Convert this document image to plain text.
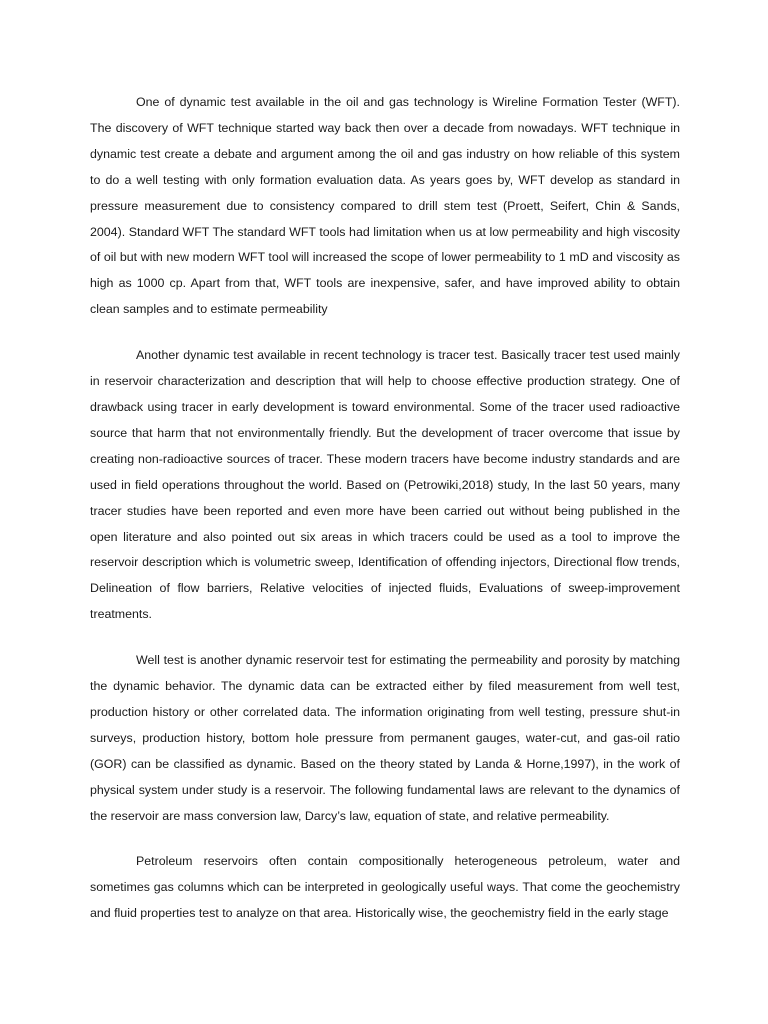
One of dynamic test available in the oil and gas technology is Wireline Formation Tester (WFT). The discovery of WFT technique started way back then over a decade from nowadays. WFT technique in dynamic test create a debate and argument among the oil and gas industry on how reliable of this system to do a well testing with only formation evaluation data. As years goes by, WFT develop as standard in pressure measurement due to consistency compared to drill stem test (Proett, Seifert, Chin & Sands, 2004). Standard WFT The standard WFT tools had limitation when us at low permeability and high viscosity of oil but with new modern WFT tool will increased the scope of lower permeability to 1 mD and viscosity as high as 1000 cp. Apart from that, WFT tools are inexpensive, safer, and have improved ability to obtain clean samples and to estimate permeability

Another dynamic test available in recent technology is tracer test. Basically tracer test used mainly in reservoir characterization and description that will help to choose effective production strategy. One of drawback using tracer in early development is toward environmental. Some of the tracer used radioactive source that harm that not environmentally friendly. But the development of tracer overcome that issue by creating non-radioactive sources of tracer. These modern tracers have become industry standards and are used in field operations throughout the world. Based on (Petrowiki,2018) study, In the last 50 years, many tracer studies have been reported and even more have been carried out without being published in the open literature and also pointed out six areas in which tracers could be used as a tool to improve the reservoir description which is volumetric sweep, Identification of offending injectors, Directional flow trends, Delineation of flow barriers, Relative velocities of injected fluids, Evaluations of sweep-improvement treatments.

Well test is another dynamic reservoir test for estimating the permeability and porosity by matching the dynamic behavior. The dynamic data can be extracted either by filed measurement from well test, production history or other correlated data. The information originating from well testing, pressure shut-in surveys, production history, bottom hole pressure from permanent gauges, water-cut, and gas-oil ratio (GOR) can be classified as dynamic. Based on the theory stated by Landa & Horne,1997), in the work of physical system under study is a reservoir. The following fundamental laws are relevant to the dynamics of the reservoir are mass conversion law, Darcy’s law, equation of state, and relative permeability.

Petroleum reservoirs often contain compositionally heterogeneous petroleum, water and sometimes gas columns which can be interpreted in geologically useful ways. That come the geochemistry and fluid properties test to analyze on that area. Historically wise, the geochemistry field in the early stage
